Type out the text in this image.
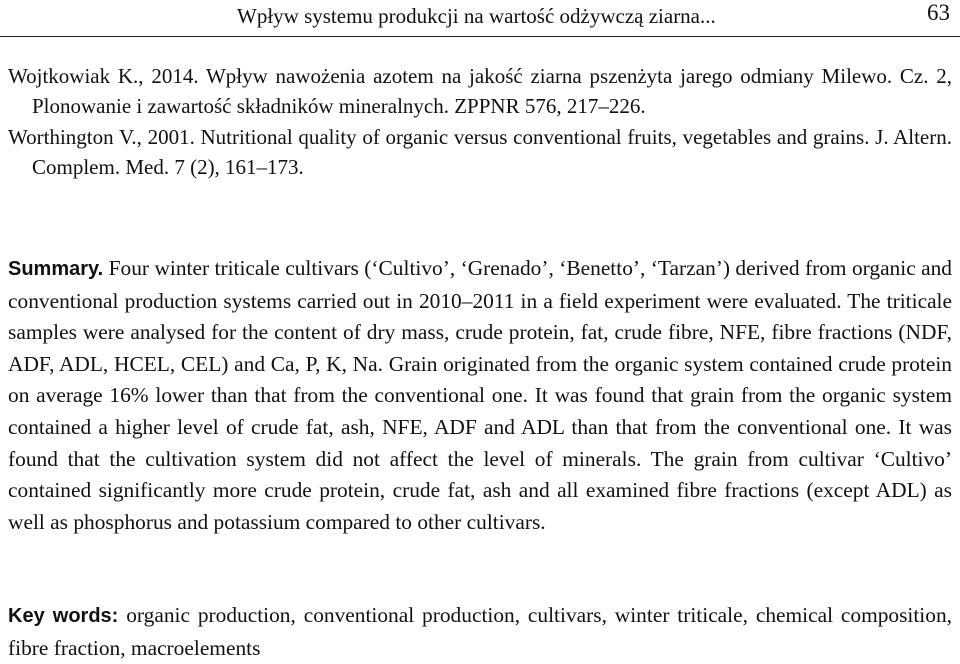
Wpływ systemu produkcji na wartość odżywczą ziarna...	63

Wojtkowiak K., 2014. Wpływ nawożenia azotem na jakość ziarna pszenżyta jarego odmiany Milewo. Cz. 2, Plonowanie i zawartość składników mineralnych. ZPPNR 576, 217–226.

Worthington V., 2001. Nutritional quality of organic versus conventional fruits, vegetables and grains. J. Altern. Complem. Med. 7 (2), 161–173.

Summary. Four winter triticale cultivars (‘Cultivo’, ‘Grenado’, ‘Benetto’, ‘Tarzan’) derived from organic and conventional production systems carried out in 2010–2011 in a field experiment were evaluated. The triticale samples were analysed for the content of dry mass, crude protein, fat, crude fibre, NFE, fibre fractions (NDF, ADF, ADL, HCEL, CEL) and Ca, P, K, Na. Grain originated from the organic system contained crude protein on average 16% lower than that from the conventional one. It was found that grain from the organic system contained a higher level of crude fat, ash, NFE, ADF and ADL than that from the conventional one. It was found that the cultivation system did not affect the level of minerals. The grain from cultivar ‘Cultivo’ contained significantly more crude protein, crude fat, ash and all examined fibre fractions (except ADL) as well as phosphorus and potassium compared to other cultivars.

Key words: organic production, conventional production, cultivars, winter triticale, chemical composition, fibre fraction, macroelements
